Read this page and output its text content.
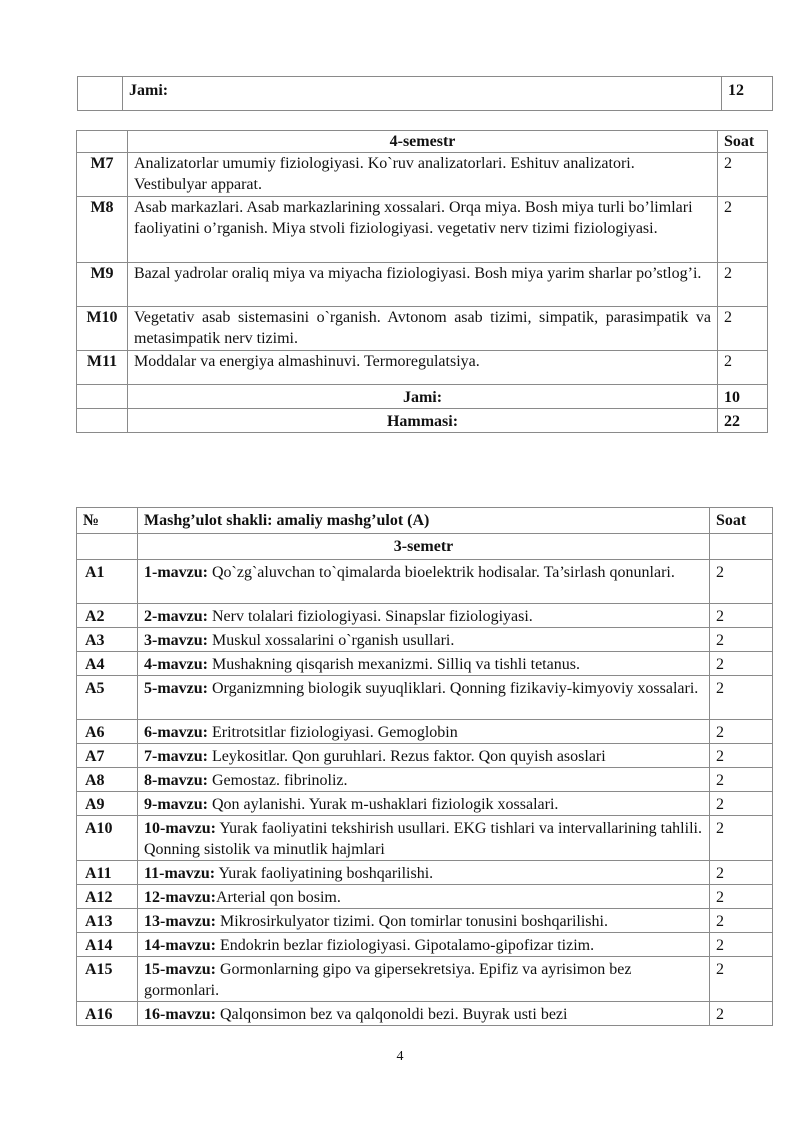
	Jami:	12
	4-semestr	Soat
M7	Analizatorlar umumiy fiziologiyasi. Ko`ruv analizatorlari. Eshituv analizatori. Vestibulyar apparat.	2
M8	Asab markazlari. Asab markazlarining xossalari. Orqa miya. Bosh miya turli bo’limlari faoliyatini o’rganish. Miya stvoli fiziologiyasi. vegetativ nerv tizimi fiziologiyasi.	2
M9	Bazal yadrolar oraliq miya va miyacha fiziologiyasi. Bosh miya yarim sharlar po’stlog’i.	2
M10	Vegetativ asab sistemasini o`rganish. Avtonom asab tizimi, simpatik, parasimpatik va metasimpatik nerv tizimi.	2
M11	Moddalar va energiya almashinuvi. Termoregulatsiya.	2
	Jami:	10
	Hammasi:	22
№	Mashg’ulot shakli: amaliy mashg’ulot (A)	Soat
	3-semetr	
A1	1-mavzu: Qo`zg`aluvchan to`qimalarda bioelektrik hodisalar. Ta’sirlash qonunlari.	2
A2	2-mavzu: Nerv tolalari fiziologiyasi. Sinapslar fiziologiyasi.	2
A3	3-mavzu: Muskul xossalarini o`rganish usullari.	2
A4	4-mavzu: Mushakning qisqarish mexanizmi. Silliq va tishli tetanus.	2
A5	5-mavzu: Organizmning biologik suyuqliklari. Qonning fizikaviy-kimyoviy xossalari.	2
A6	6-mavzu: Eritrotsitlar fiziologiyasi. Gemoglobin	2
A7	7-mavzu: Leykositlar. Qon guruhlari. Rezus faktor. Qon quyish asoslari	2
A8	8-mavzu: Gemostaz. fibrinoliz.	2
A9	9-mavzu: Qon aylanishi. Yurak m-ushaklari fiziologik xossalari.	2
A10	10-mavzu: Yurak faoliyatini tekshirish usullari. EKG tishlari va intervallarining tahlili. Qonning sistolik va minutlik hajmlari	2
A11	11-mavzu: Yurak faoliyatining boshqarilishi.	2
A12	12-mavzu:Arterial qon bosim.	2
A13	13-mavzu: Mikrosirkulyator tizimi. Qon tomirlar tonusini boshqarilishi.	2
A14	14-mavzu: Endokrin bezlar fiziologiyasi. Gipotalamo-gipofizar tizim.	2
A15	15-mavzu: Gormonlarning gipo va gipersekretsiya. Epifiz va ayrisimon bez gormonlari.	2
A16	16-mavzu: Qalqonsimon bez va qalqonoldi bezi. Buyrak usti bezi	2
4
